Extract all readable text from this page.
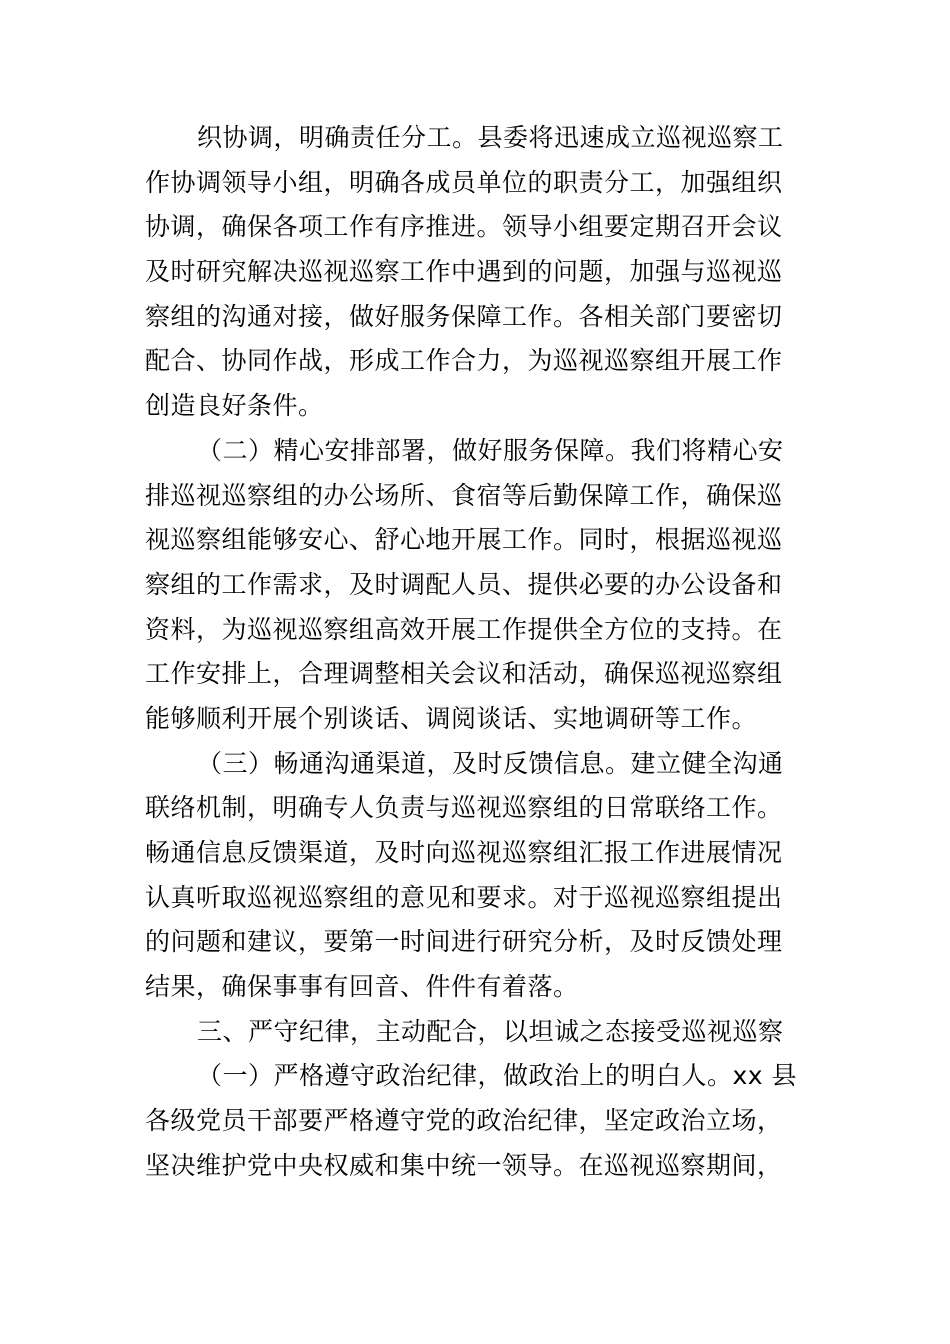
织协调，明确责任分工。县委将迅速成立巡视巡察工
作协调领导小组，明确各成员单位的职责分工，加强组织
协调，确保各项工作有序推进。领导小组要定期召开会议
及时研究解决巡视巡察工作中遇到的问题，加强与巡视巡
察组的沟通对接，做好服务保障工作。各相关部门要密切
配合、协同作战，形成工作合力，为巡视巡察组开展工作
创造良好条件。
（二）精心安排部署，做好服务保障。我们将精心安
排巡视巡察组的办公场所、食宿等后勤保障工作，确保巡
视巡察组能够安心、舒心地开展工作。同时，根据巡视巡
察组的工作需求，及时调配人员、提供必要的办公设备和
资料，为巡视巡察组高效开展工作提供全方位的支持。在
工作安排上，合理调整相关会议和活动，确保巡视巡察组
能够顺利开展个别谈话、调阅谈话、实地调研等工作。
（三）畅通沟通渠道，及时反馈信息。建立健全沟通
联络机制，明确专人负责与巡视巡察组的日常联络工作。
畅通信息反馈渠道，及时向巡视巡察组汇报工作进展情况
认真听取巡视巡察组的意见和要求。对于巡视巡察组提出
的问题和建议，要第一时间进行研究分析，及时反馈处理
结果，确保事事有回音、件件有着落。
三、严守纪律，主动配合，以坦诚之态接受巡视巡察
（一）严格遵守政治纪律，做政治上的明白人。xx 县
各级党员干部要严格遵守党的政治纪律，坚定政治立场，
坚决维护党中央权威和集中统一领导。在巡视巡察期间，
